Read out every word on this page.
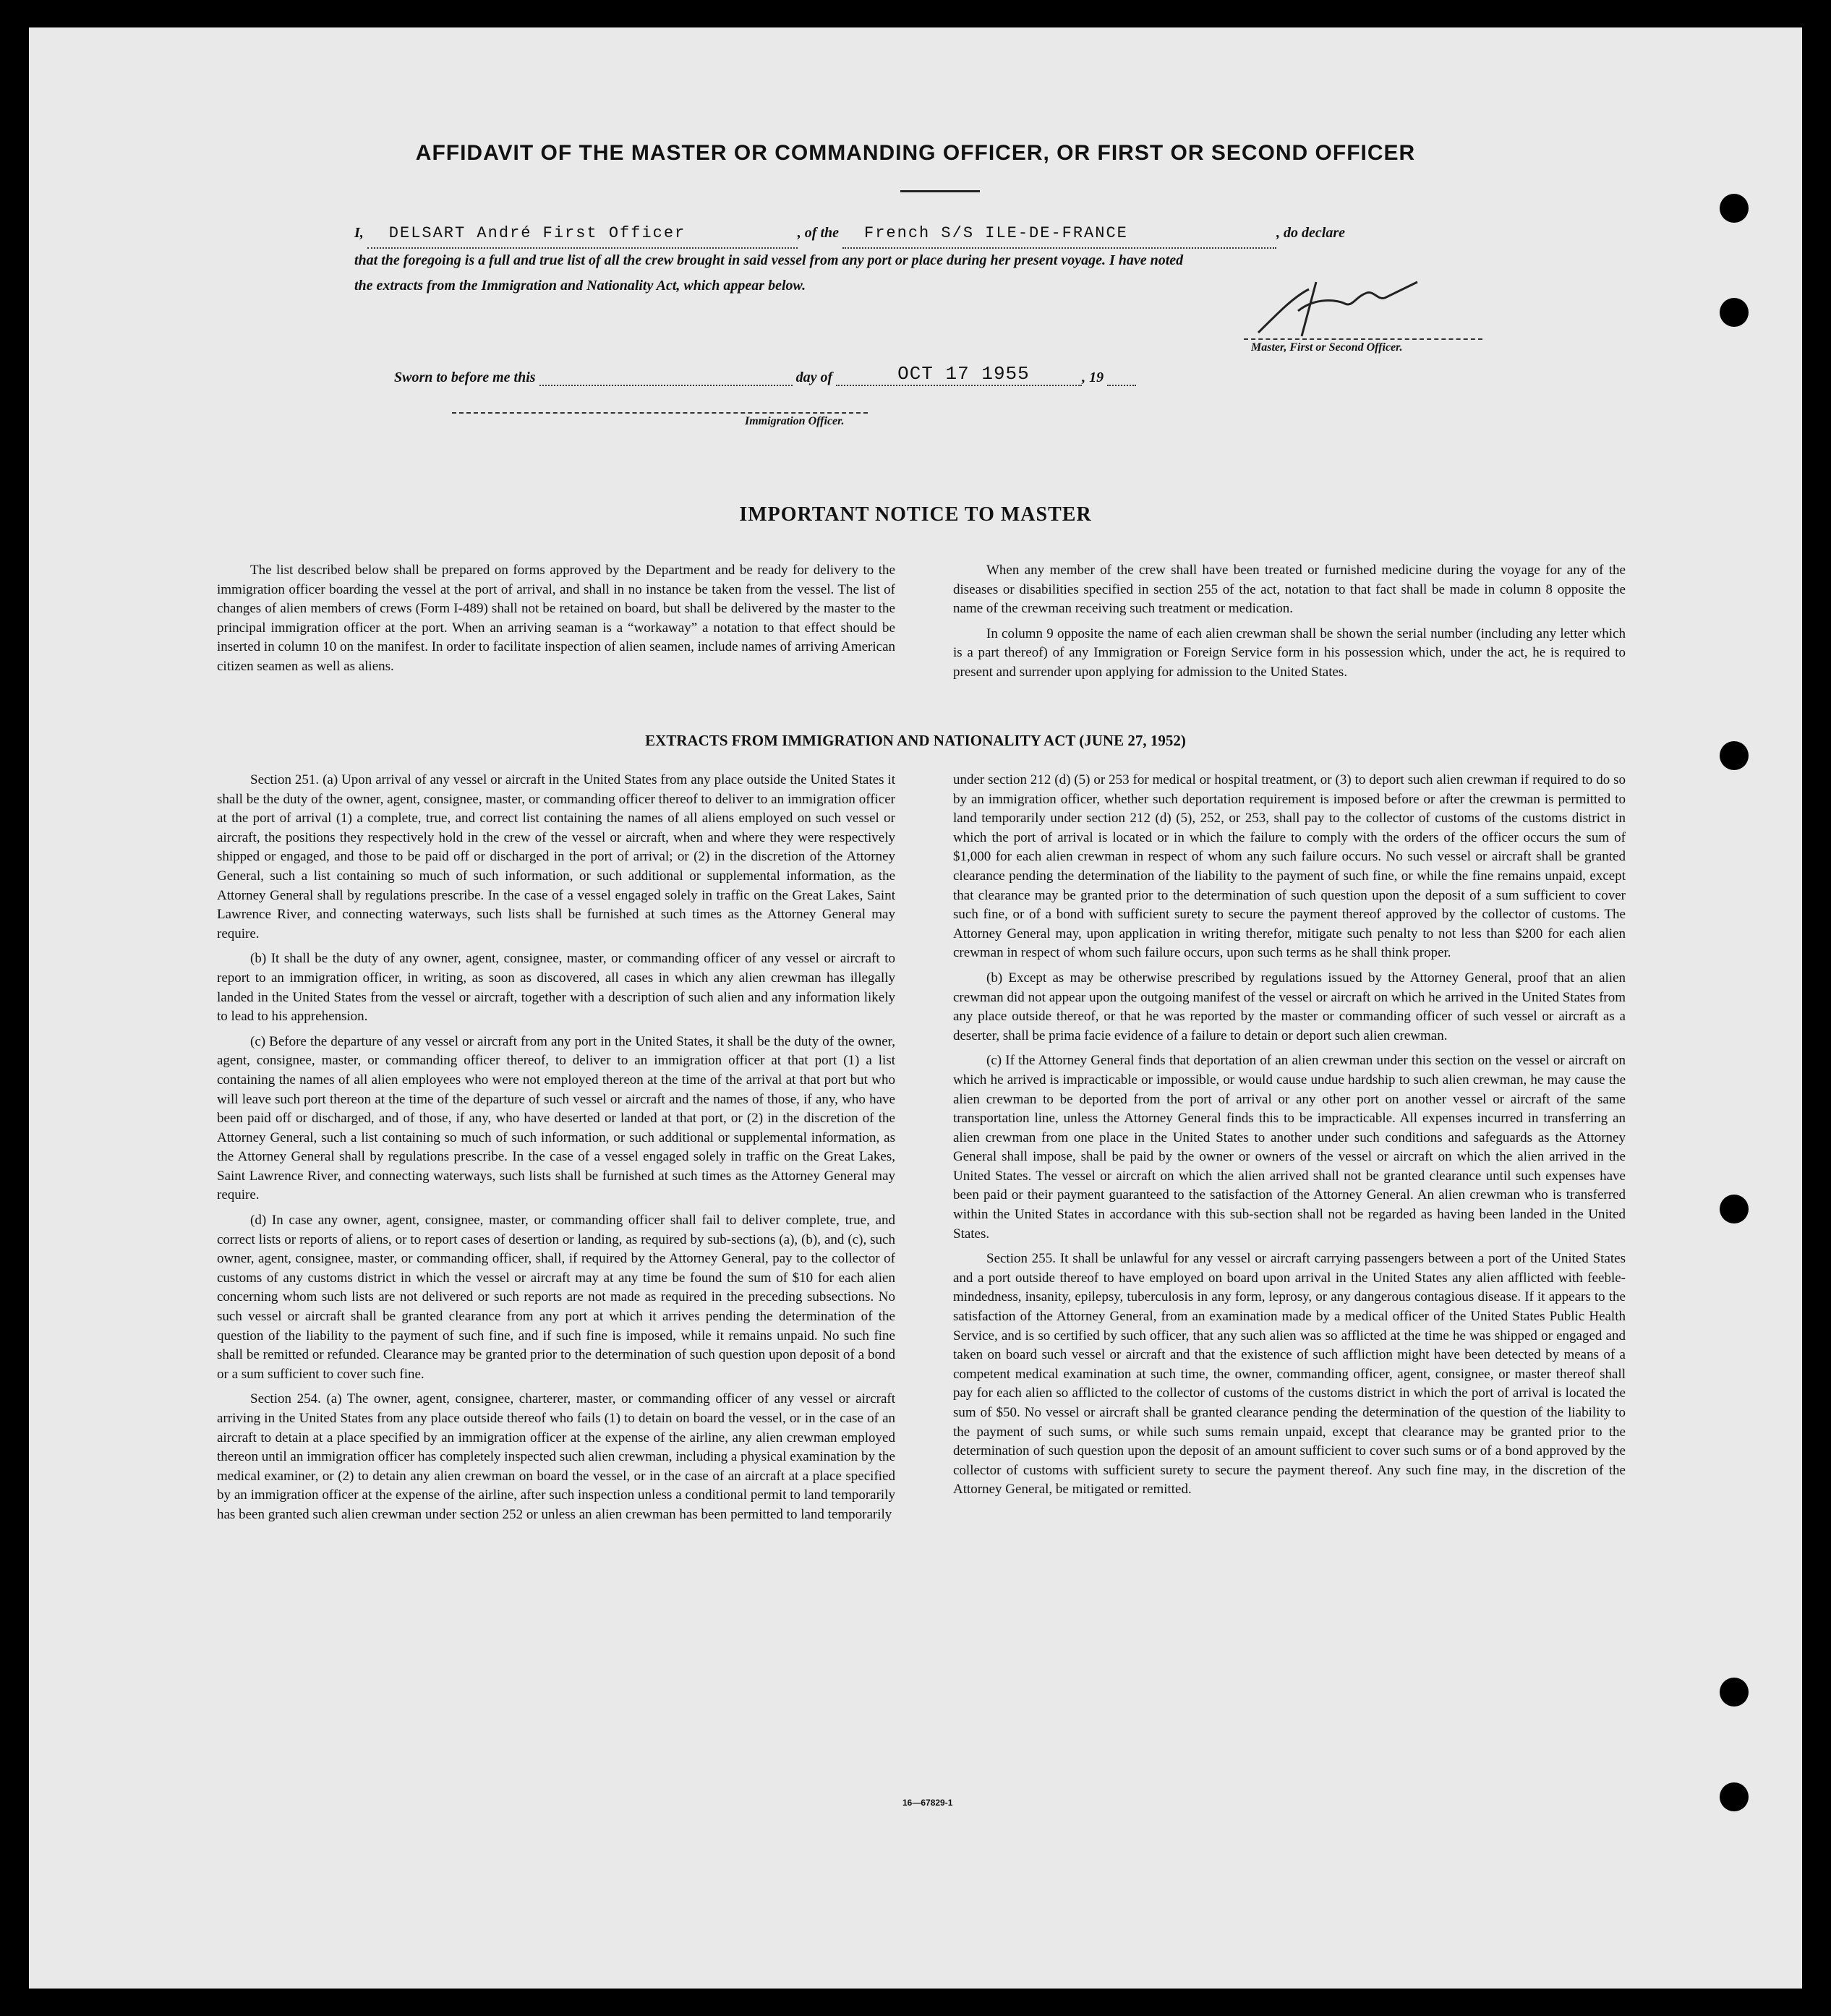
AFFIDAVIT OF THE MASTER OR COMMANDING OFFICER, OR FIRST OR SECOND OFFICER
I, DELSART André First Officer	, of the French S/S ILE-DE-FRANCE	, do declare
that the foregoing is a full and true list of all the crew brought in said vessel from any port or place during her present voyage. I have noted
the extracts from the Immigration and Nationality Act, which appear below.
Master, First or Second Officer.
Sworn to before me this	day of	OCT 17 1955	, 19
Immigration Officer.
IMPORTANT NOTICE TO MASTER

The list described below shall be prepared on forms approved by the Department and be ready for delivery to the immigration officer boarding the vessel at the port of arrival, and shall in no instance be taken from the vessel. The list of changes of alien members of crews (Form I-489) shall not be retained on board, but shall be delivered by the master to the principal immigration officer at the port. When an arriving seaman is a “workaway” a notation to that effect should be inserted in column 10 on the manifest. In order to facilitate inspection of alien seamen, include names of arriving American citizen seamen as well as aliens.

When any member of the crew shall have been treated or furnished medicine during the voyage for any of the diseases or disabilities specified in section 255 of the act, notation to that fact shall be made in column 8 opposite the name of the crewman receiving such treatment or medication.

In column 9 opposite the name of each alien crewman shall be shown the serial number (including any letter which is a part thereof) of any Immigration or Foreign Service form in his possession which, under the act, he is required to present and surrender upon applying for admission to the United States.

EXTRACTS FROM IMMIGRATION AND NATIONALITY ACT (JUNE 27, 1952)

Section 251. (a) Upon arrival of any vessel or aircraft in the United States from any place outside the United States it shall be the duty of the owner, agent, consignee, master, or commanding officer thereof to deliver to an immigration officer at the port of arrival (1) a complete, true, and correct list containing the names of all aliens employed on such vessel or aircraft, the positions they respectively hold in the crew of the vessel or aircraft, when and where they were respectively shipped or engaged, and those to be paid off or discharged in the port of arrival; or (2) in the discretion of the Attorney General, such a list containing so much of such information, or such additional or supplemental information, as the Attorney General shall by regulations prescribe. In the case of a vessel engaged solely in traffic on the Great Lakes, Saint Lawrence River, and connecting waterways, such lists shall be furnished at such times as the Attorney General may require.

(b) It shall be the duty of any owner, agent, consignee, master, or commanding officer of any vessel or aircraft to report to an immigration officer, in writing, as soon as discovered, all cases in which any alien crewman has illegally landed in the United States from the vessel or aircraft, together with a description of such alien and any information likely to lead to his apprehension.

(c) Before the departure of any vessel or aircraft from any port in the United States, it shall be the duty of the owner, agent, consignee, master, or commanding officer thereof, to deliver to an immigration officer at that port (1) a list containing the names of all alien employees who were not employed thereon at the time of the arrival at that port but who will leave such port thereon at the time of the departure of such vessel or aircraft and the names of those, if any, who have been paid off or discharged, and of those, if any, who have deserted or landed at that port, or (2) in the discretion of the Attorney General, such a list containing so much of such information, or such additional or supplemental information, as the Attorney General shall by regulations prescribe. In the case of a vessel engaged solely in traffic on the Great Lakes, Saint Lawrence River, and connecting waterways, such lists shall be furnished at such times as the Attorney General may require.

(d) In case any owner, agent, consignee, master, or commanding officer shall fail to deliver complete, true, and correct lists or reports of aliens, or to report cases of desertion or landing, as required by sub-sections (a), (b), and (c), such owner, agent, consignee, master, or commanding officer, shall, if required by the Attorney General, pay to the collector of customs of any customs district in which the vessel or aircraft may at any time be found the sum of $10 for each alien concerning whom such lists are not delivered or such reports are not made as required in the preceding subsections. No such vessel or aircraft shall be granted clearance from any port at which it arrives pending the determination of the question of the liability to the payment of such fine, and if such fine is imposed, while it remains unpaid. No such fine shall be remitted or refunded. Clearance may be granted prior to the determination of such question upon deposit of a bond or a sum sufficient to cover such fine.

Section 254. (a) The owner, agent, consignee, charterer, master, or commanding officer of any vessel or aircraft arriving in the United States from any place outside thereof who fails (1) to detain on board the vessel, or in the case of an aircraft to detain at a place specified by an immigration officer at the expense of the airline, any alien crewman employed thereon until an immigration officer has completely inspected such alien crewman, including a physical examination by the medical examiner, or (2) to detain any alien crewman on board the vessel, or in the case of an aircraft at a place specified by an immigration officer at the expense of the airline, after such inspection unless a conditional permit to land temporarily has been granted such alien crewman under section 252 or unless an alien crewman has been permitted to land temporarily

under section 212 (d) (5) or 253 for medical or hospital treatment, or (3) to deport such alien crewman if required to do so by an immigration officer, whether such deportation requirement is imposed before or after the crewman is permitted to land temporarily under section 212 (d) (5), 252, or 253, shall pay to the collector of customs of the customs district in which the port of arrival is located or in which the failure to comply with the orders of the officer occurs the sum of $1,000 for each alien crewman in respect of whom any such failure occurs. No such vessel or aircraft shall be granted clearance pending the determination of the liability to the payment of such fine, or while the fine remains unpaid, except that clearance may be granted prior to the determination of such question upon the deposit of a sum sufficient to cover such fine, or of a bond with sufficient surety to secure the payment thereof approved by the collector of customs. The Attorney General may, upon application in writing therefor, mitigate such penalty to not less than $200 for each alien crewman in respect of whom such failure occurs, upon such terms as he shall think proper.

(b) Except as may be otherwise prescribed by regulations issued by the Attorney General, proof that an alien crewman did not appear upon the outgoing manifest of the vessel or aircraft on which he arrived in the United States from any place outside thereof, or that he was reported by the master or commanding officer of such vessel or aircraft as a deserter, shall be prima facie evidence of a failure to detain or deport such alien crewman.

(c) If the Attorney General finds that deportation of an alien crewman under this section on the vessel or aircraft on which he arrived is impracticable or impossible, or would cause undue hardship to such alien crewman, he may cause the alien crewman to be deported from the port of arrival or any other port on another vessel or aircraft of the same transportation line, unless the Attorney General finds this to be impracticable. All expenses incurred in transferring an alien crewman from one place in the United States to another under such conditions and safeguards as the Attorney General shall impose, shall be paid by the owner or owners of the vessel or aircraft on which the alien arrived in the United States. The vessel or aircraft on which the alien arrived shall not be granted clearance until such expenses have been paid or their payment guaranteed to the satisfaction of the Attorney General. An alien crewman who is transferred within the United States in accordance with this sub-section shall not be regarded as having been landed in the United States.

Section 255. It shall be unlawful for any vessel or aircraft carrying passengers between a port of the United States and a port outside thereof to have employed on board upon arrival in the United States any alien afflicted with feeble-mindedness, insanity, epilepsy, tuberculosis in any form, leprosy, or any dangerous contagious disease. If it appears to the satisfaction of the Attorney General, from an examination made by a medical officer of the United States Public Health Service, and is so certified by such officer, that any such alien was so afflicted at the time he was shipped or engaged and taken on board such vessel or aircraft and that the existence of such affliction might have been detected by means of a competent medical examination at such time, the owner, commanding officer, agent, consignee, or master thereof shall pay for each alien so afflicted to the collector of customs of the customs district in which the port of arrival is located the sum of $50. No vessel or aircraft shall be granted clearance pending the determination of the question of the liability to the payment of such sums, or while such sums remain unpaid, except that clearance may be granted prior to the determination of such question upon the deposit of an amount sufficient to cover such sums or of a bond approved by the collector of customs with sufficient surety to secure the payment thereof. Any such fine may, in the discretion of the Attorney General, be mitigated or remitted.

16—67829-1
